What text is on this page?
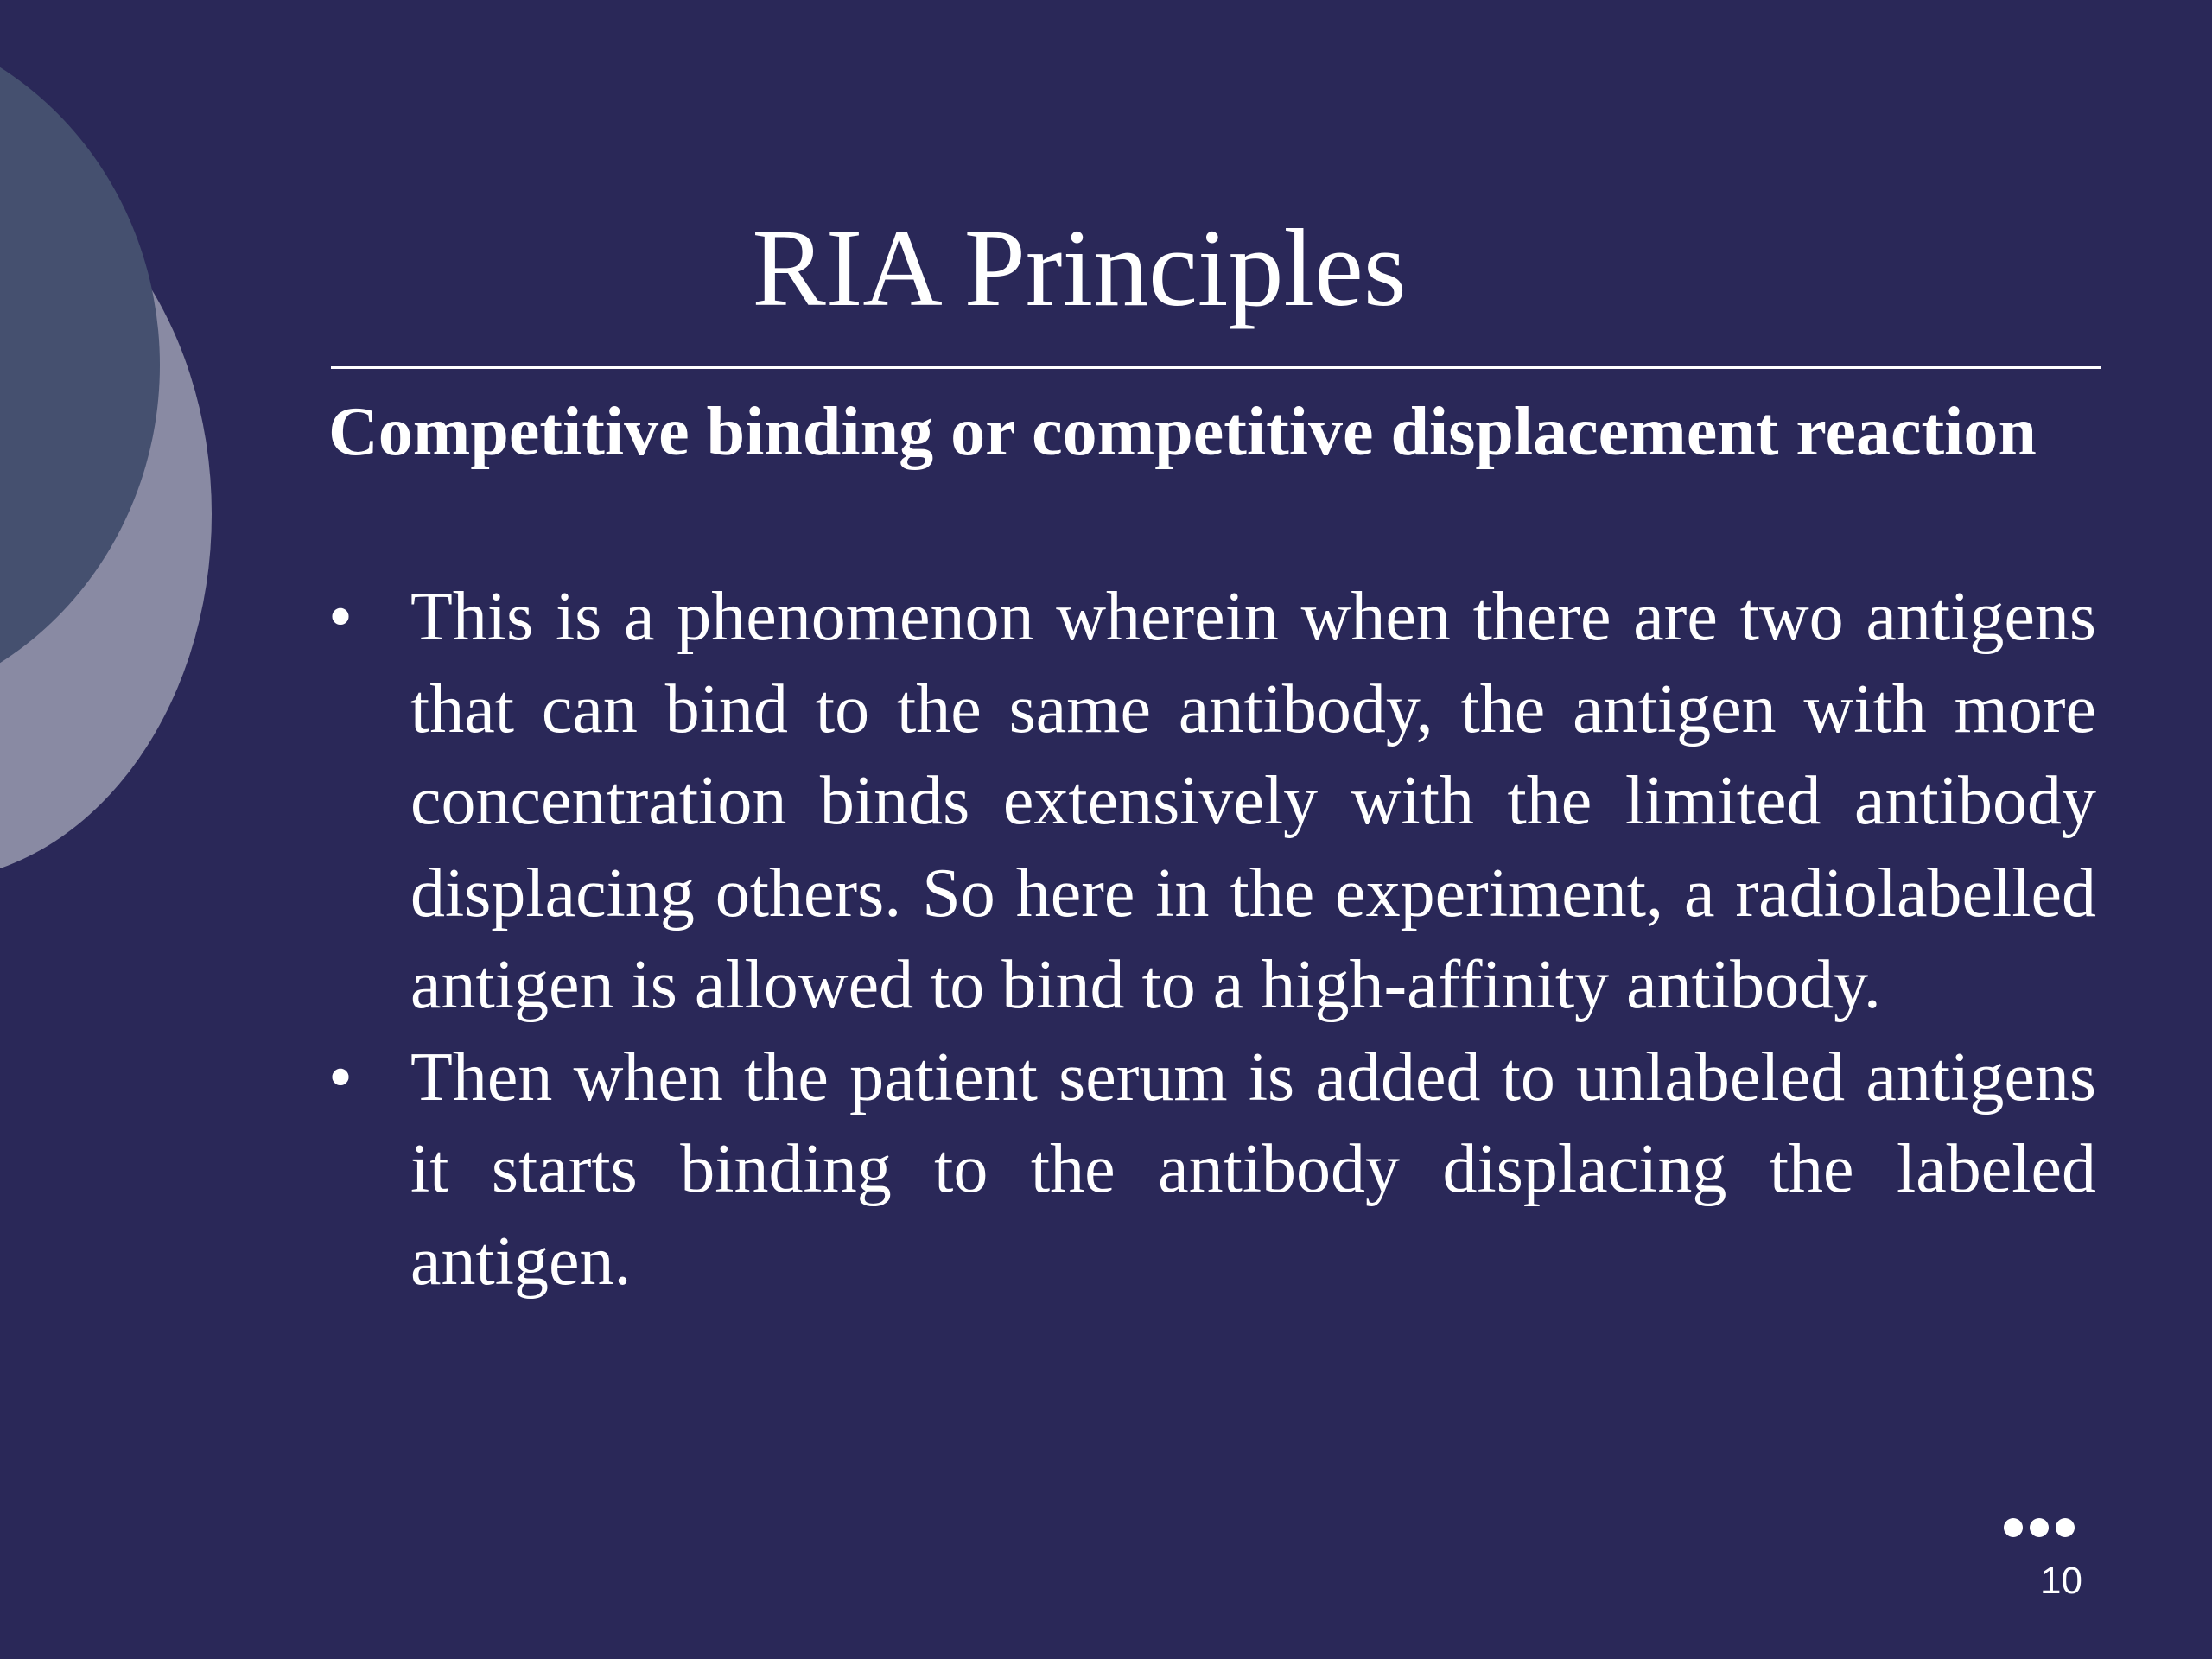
RIA Principles

Competitive binding or competitive displacement reaction

• This is a phenomenon wherein when there are two antigens that can bind to the same antibody, the antigen with more concentration binds extensively with the limited antibody displacing others. So here in the experiment, a radiolabelled antigen is allowed to bind to a high-affinity antibody.
• Then when the patient serum is added to unlabeled antigens it starts binding to the antibody displacing the labeled antigen.
10
